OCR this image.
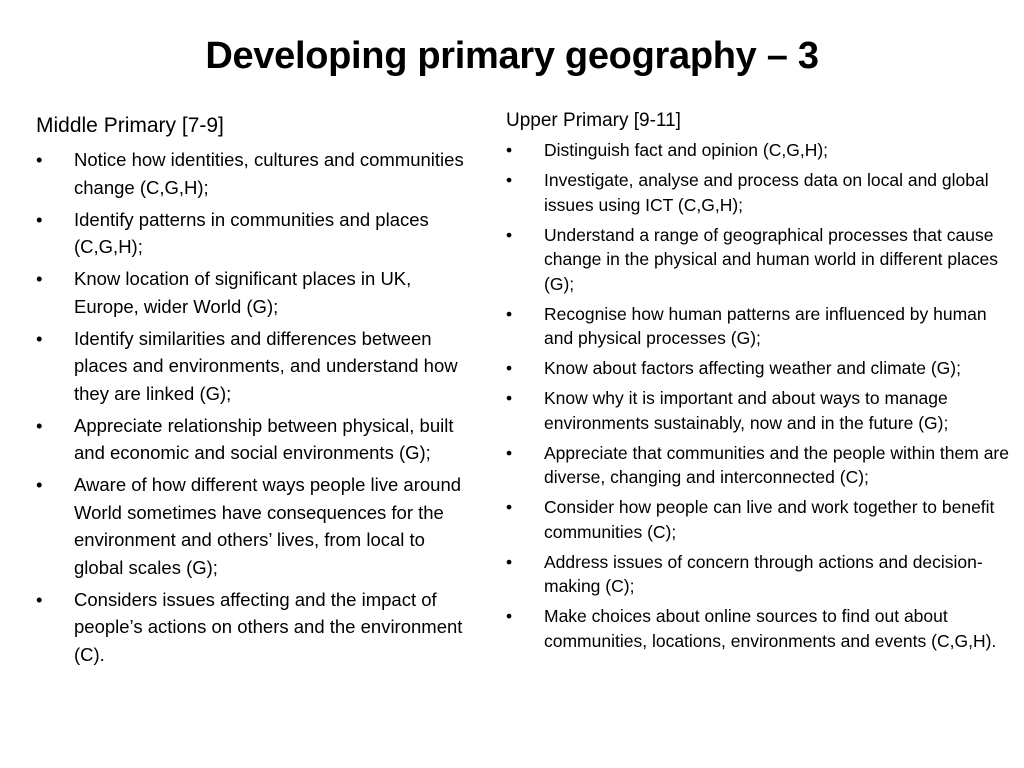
Developing primary geography – 3
Middle Primary [7-9]
• Notice how identities, cultures and communities change (C,G,H);
• Identify patterns in communities and places (C,G,H);
• Know location of significant places in UK, Europe, wider World (G);
• Identify similarities and differences between places and environments, and understand how they are linked (G);
• Appreciate relationship between physical, built and economic and social environments (G);
• Aware of how different ways people live around World sometimes have consequences for the environment and others’ lives, from local to global scales (G);
• Considers issues affecting and the impact of people’s actions on others and the environment (C).
Upper Primary [9-11]
• Distinguish fact and opinion (C,G,H);
• Investigate, analyse and process data on local and global issues using ICT (C,G,H);
• Understand a range of geographical processes that cause change in the physical and human world in different places (G);
• Recognise how human patterns are influenced by human and physical processes (G);
• Know about factors affecting weather and climate (G);
• Know why it is important and about ways to manage environments sustainably, now and in the future (G);
• Appreciate that communities and the people within them are diverse, changing and interconnected (C);
• Consider how people can live and work together to benefit communities (C);
• Address issues of concern through actions and decision-making (C);
• Make choices about online sources to find out about communities, locations, environments and events (C,G,H).
